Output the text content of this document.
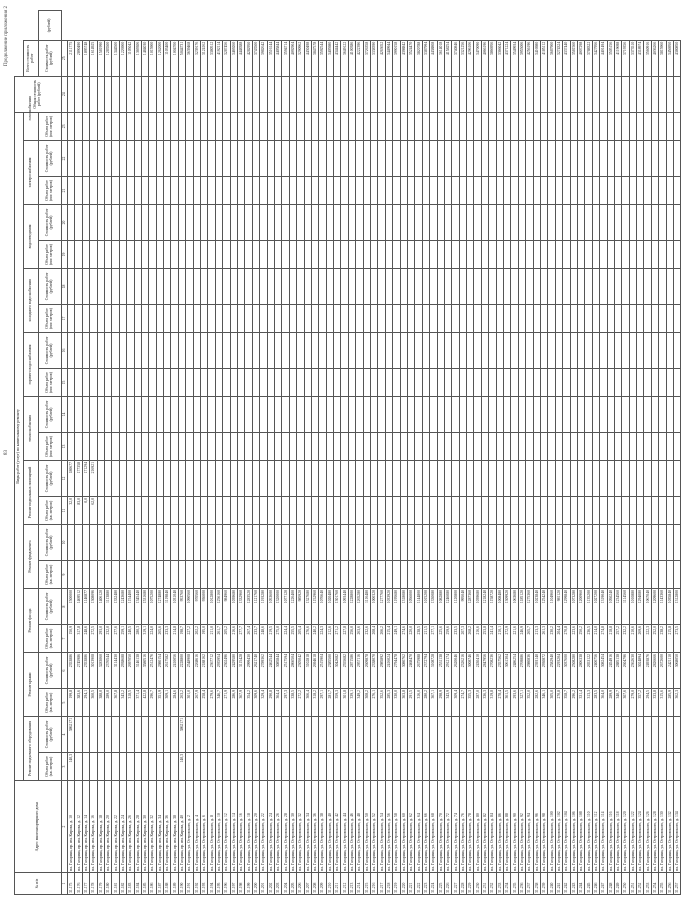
83
Продолжение приложения 2
№ п/п	Адрес многоквартирного дома	Виды работ (услуг) по капитальному ремонту																					Общая стоимость работ (рублей)		
		Ремонт подъемного оборудования		Ремонт крыши		Ремонт фасада		Ремонт фундамента		Ремонт подвальных помещений		теплоснабжения		горячего водоснабжения		холодного водоснабжения		водоотведения		электроснабжения		газоснабжения		Всего стоимость работ	
		Объем работ (кв. метров)	Стоимость работ (рублей)	Объем работ (кв. метров)	Стоимость работ (рублей)	Объем работ (кв. метров)	Стоимость работ (рублей)	Объем работ (кв. метров)	Стоимость работ (рублей)	Объем работ (кв. метров)	Стоимость работ (рублей)	Объем работ (пог. метров)	Стоимость работ (рублей)	Объем работ (пог. метров)	Стоимость работ (рублей)	Объем работ (пог. метров)	Стоимость работ (рублей)	Объем работ (пог. метров)	Стоимость работ (рублей)	Объем работ (пог. метров)	Стоимость работ (рублей)	Объем работ (пог. метров)		Стоимость работ (рублей)	(рублей)
1	2	3	4	5	6	7	8	9	10	11	12	13	14	15	16	17	18	19	20	21	22	23	24	25	
31.175	пл. Гагарина, пр. им. Кирова, д. 10	140,3	3862171	199,8	2353886	150,9	1500000			32,0	180677													2111775	
31.176	пл. Гагарина, пр. им. Кирова, д. 12			383,6	2745986	317,8	1469512			83,0	177358													2890490	
31.177	пл. Гагарина, пр. им. Кирова, д. 14			294,1	2353886	248,6	1146877			0,0	171294													1895748	
31.178	пл. Гагарина, пр. им. Кирова, д. 16			360,5	3013908	272,5	1308096			62,0	216921													1614925	
31.179	пл. Гагарина, пр. им. Кирова, д. 18			388,0	3283060	293,0	1406120																	1581990	
31.180	пл. Гагарина, пр. им. Кирова, д. 20			289,0	2376544	232,0	1113880																	1283500	
31.181	пл. Гагарина, пр. им. Кирова, д. 22			367,8	3114430	277,6	1332480																	1344500	
31.182	пл. Гагарина, пр. им. Кирова, д. 24			343,2	2938688	259,1	1243680																	1226900	
31.183	пл. Гагарина, пр. им. Кирова, д. 26			318,5	2697050	240,5	1154400																	1105042	
31.184	пл. Гагарина, пр. им. Кирова, д. 28			371,4	3146138	280,3	1345440																	1369306	
31.185	пл. Гагарина, пр. им. Кирова, д. 30			422,8	3580516	319,1	1531680																	1484030	
31.186	пл. Гагарина, пр. им. Кирова, д. 32			296,7	2512476	224,0	1075200																	1015900	
31.187	пл. Гагарина, пр. им. Кирова, д. 34			351,9	2980154	265,6	1274880																	1262000	
31.188	пл. Гагарина, пр. им. Кирова, д. 36			309,1	2617582	233,3	1119840																	1103400	
31.189	пл. Гагарина, пр. им. Кирова, д. 38			284,6	2410056	214,8	1031040																	1004700	
31.190	пл. Гагарина, пр. им. Кирова, д. 40	140,3	3862171	263,2	2228800	198,7	953760																	5044731	
31.191	пл. Гагарина, ул. Островского, д. 2			301,0	2548908	227,2	1090560																	3639468	
31.192	пл. Гагарина, ул. Островского, д. 4			267,9	2268616	202,2	970560																	3239176	
31.193	пл. Гагарина, ул. Островского, д. 6			258,4	2188162	195,0	936000																	3124162	
31.194	пл. Гагарина, ул. Островского, д. 8			279,6	2367712	211,0	1012800																	3380512	
31.195	пл. Гагарина, ул. Островского, д. 10			346,7	2935954	261,7	1256160																	4192114	
31.196	пл. Гагарина, ул. Островского, д. 12			271,9	2302496	205,2	984960																	3287456	
31.197	пл. Гагарина, ул. Островского, д. 14			286,9	2429580	216,6	1039680																	3469260	
31.198	пл. Гагарина, ул. Островского, д. 16			367,9	3115428	277,7	1332960																	4448388	
31.199	пл. Гагарина, ул. Островского, д. 18			354,2	2999430	267,4	1283520																	4282950	
31.200	пл. Гагарина, ул. Островского, д. 20			309,6	2621740	233,7	1121760																	3743500	
31.201	пл. Гагарина, ул. Островского, д. 22			329,4	2789362	248,6	1193280																	3982642	
31.202	пл. Гагарина, ул. Островского, д. 24			290,8	2462544	219,5	1053600																	3516144	
31.203	пл. Гагарина, ул. Островского, д. 26			364,4	3085844	275,0	1320000																	4405844	
31.204	пл. Гагарина, ул. Островского, д. 28			297,3	2517594	224,4	1077120																	3594714	
31.205	пл. Гагарина, ул. Островского, д. 30			338,5	2866504	255,5	1226400																	4092904	
31.206	пл. Гагарина, ул. Островского, д. 32			272,2	2305042	205,4	985920																	3290962	
31.207	пл. Гагарина, ул. Островского, д. 34			366,4	3102818	276,6	1327680																	4430498	
31.208	пл. Гагарина, ул. Островского, д. 36			318,2	2694618	240,2	1152960																	3847578	
31.209	пл. Гагарина, ул. Островского, д. 38			297,1	2515904	224,3	1076640																	3592544	
31.210	пл. Гагарина, ул. Островского, д. 40			281,7	2385500	212,6	1020480																	3405980	
31.211	пл. Гагарина, ул. Островского, д. 42			359,3	3042682	271,2	1301760																	4344442	
31.212	пл. Гагарина, ул. Островского, д. 44			301,8	2555682	227,8	1093440																	3649122	
31.213	пл. Гагарина, ул. Островского, д. 46			339,1	2871586	256,0	1228800																	4100386	
31.214	пл. Гагарина, ул. Островского, д. 48			349,2	2957116	263,6	1265280																	4222396	
31.215	пл. Гагарина, ул. Островского, д. 50			308,2	2609878	232,6	1116480																	3726358	
31.216	пл. Гагарина, ул. Островского, д. 52			276,1	2338070	208,4	1000320																	3338390	
31.217	пл. Гагарина, ул. Островского, д. 54			352,6	2985892	266,2	1277760																	4263652	
31.218	пл. Гагарина, ул. Островского, д. 56			285,3	2416024	215,4	1033920																	3449944	
31.219	пл. Гагарина, ул. Островского, д. 58			330,0	2794478	249,1	1195680																	3990158	
31.220	пл. Гагарина, ул. Островского, д. 60			363,8	3080762	274,6	1318080																	4398842	
31.221	пл. Гагарина, ул. Островского, д. 62			291,5	2468470	220,0	1056000																	3524470	
31.222	пл. Гагарина, ул. Островского, д. 64			316,0	2675988	238,5	1144800																	3820788	
31.223	пл. Гагарина, ул. Островского, д. 66			280,2	2372794	211,5	1015200																	3387994	
31.224	пл. Гагарина, ул. Островского, д. 68			367,1	3108728	277,1	1330080																	4438808	
31.225	пл. Гагарина, ул. Островского, д. 70			298,9	2531138	225,6	1082880																	3614018	
31.226	пл. Гагарина, ул. Островского, д. 72			343,9	2912174	259,6	1246080																	4158254	
31.227	пл. Гагарина, ул. Островского, д. 74			309,4	2620046	233,5	1120800																	3740846	
31.228	пл. Гагарина, ул. Островского, д. 76			274,7	2326216	207,3	995040																	3321256	
31.229	пл. Гагарина, ул. Островского, д. 78			355,3	3008746	268,2	1287360																	4296106	
31.230	пл. Гагарина, ул. Островского, д. 80			287,0	2430410	216,6	1039680																	3470090	
31.231	пл. Гагарина, ул. Островского, д. 82			336,3	2847956	253,8	1218240																	4066196	
31.232	пл. Гагарина, ул. Островского, д. 84			319,8	2708236	241,4	1158720																	3866956	
31.233	пл. Гагарина, ул. Островского, д. 86			278,4	2357562	210,1	1008480																	3366042	
31.234	пл. Гагарина, ул. Островского, д. 88			361,5	3061304	272,9	1309920																	4371224	
31.235	пл. Гагарина, ул. Островского, д. 90			293,6	2486254	221,6	1063680																	3549934	
31.236	пл. Гагарина, ул. Островского, д. 92			327,1	2769886	246,9	1185120																	3955006	
31.237	пл. Гагарина, ул. Островского, д. 94			352,0	2980836	265,7	1275360																	4256196	
31.238	пл. Гагарина, ул. Островского, д. 96			282,6	2393140	213,3	1023840																	3416980	
31.239	пл. Гагарина, ул. Островского, д. 98			346,1	2930872	261,3	1254240																	4185112	
31.240	пл. Гагарина, ул. Островского, д. 100			305,0	2582940	230,2	1104960																	3687900	
31.241	пл. Гагарина, ул. Островского, д. 102			270,8	2293204	204,4	981120																	3274324	
31.242	пл. Гагарина, ул. Островского, д. 104			358,7	3037600	270,8	1299840																	4337440	
31.243	пл. Гагарина, ул. Островского, д. 106			296,2	2508280	223,6	1073280																	3581560	
31.244	пл. Гагарина, ул. Островского, д. 108			331,4	2806338	250,2	1200960																	4007298	
31.245	пл. Гагарина, ул. Островского, д. 110			313,3	2653122	236,5	1135200																	3788322	
31.246	пл. Гагарина, ул. Островского, д. 112			283,5	2400756	214,0	1027200																	3427956	
31.247	пл. Гагарина, ул. Островского, д. 114			364,0	3082454	274,8	1319040																	4401494	
31.248	пл. Гагарина, ул. Островского, д. 116			289,9	2454916	218,8	1050240																	3505156	
31.249	пл. Гагарина, ул. Островского, д. 118			340,7	2885138	257,2	1234560																	4119698	
31.250	пл. Гагарина, ул. Островского, д. 120			307,6	2604796	232,2	1114560																	3719356	
31.251	пл. Гагарина, ул. Островского, д. 122			279,0	2362630	210,6	1010880																	3373510	
31.252	пл. Гагарина, ул. Островского, д. 124			357,2	3024894	269,6	1294080																	4318974	
31.253	пл. Гагарина, ул. Островского, д. 126			294,5	2493876	222,3	1067040																	3560916	
31.254	пл. Гагарина, ул. Островского, д. 128			333,8	2826666	252,0	1209600																	4036266	
31.255	пл. Гагарина, ул. Островского, д. 130			315,6	2672600	238,2	1143360																	3815960	
31.256	пл. Гагарина, ул. Островского, д. 132			285,9	2421110	215,8	1035840																	3456950	
31.257	пл. Гагарина, ул. Островского, д. 134			362,3	3068050	273,5	1312800																	4380850	
